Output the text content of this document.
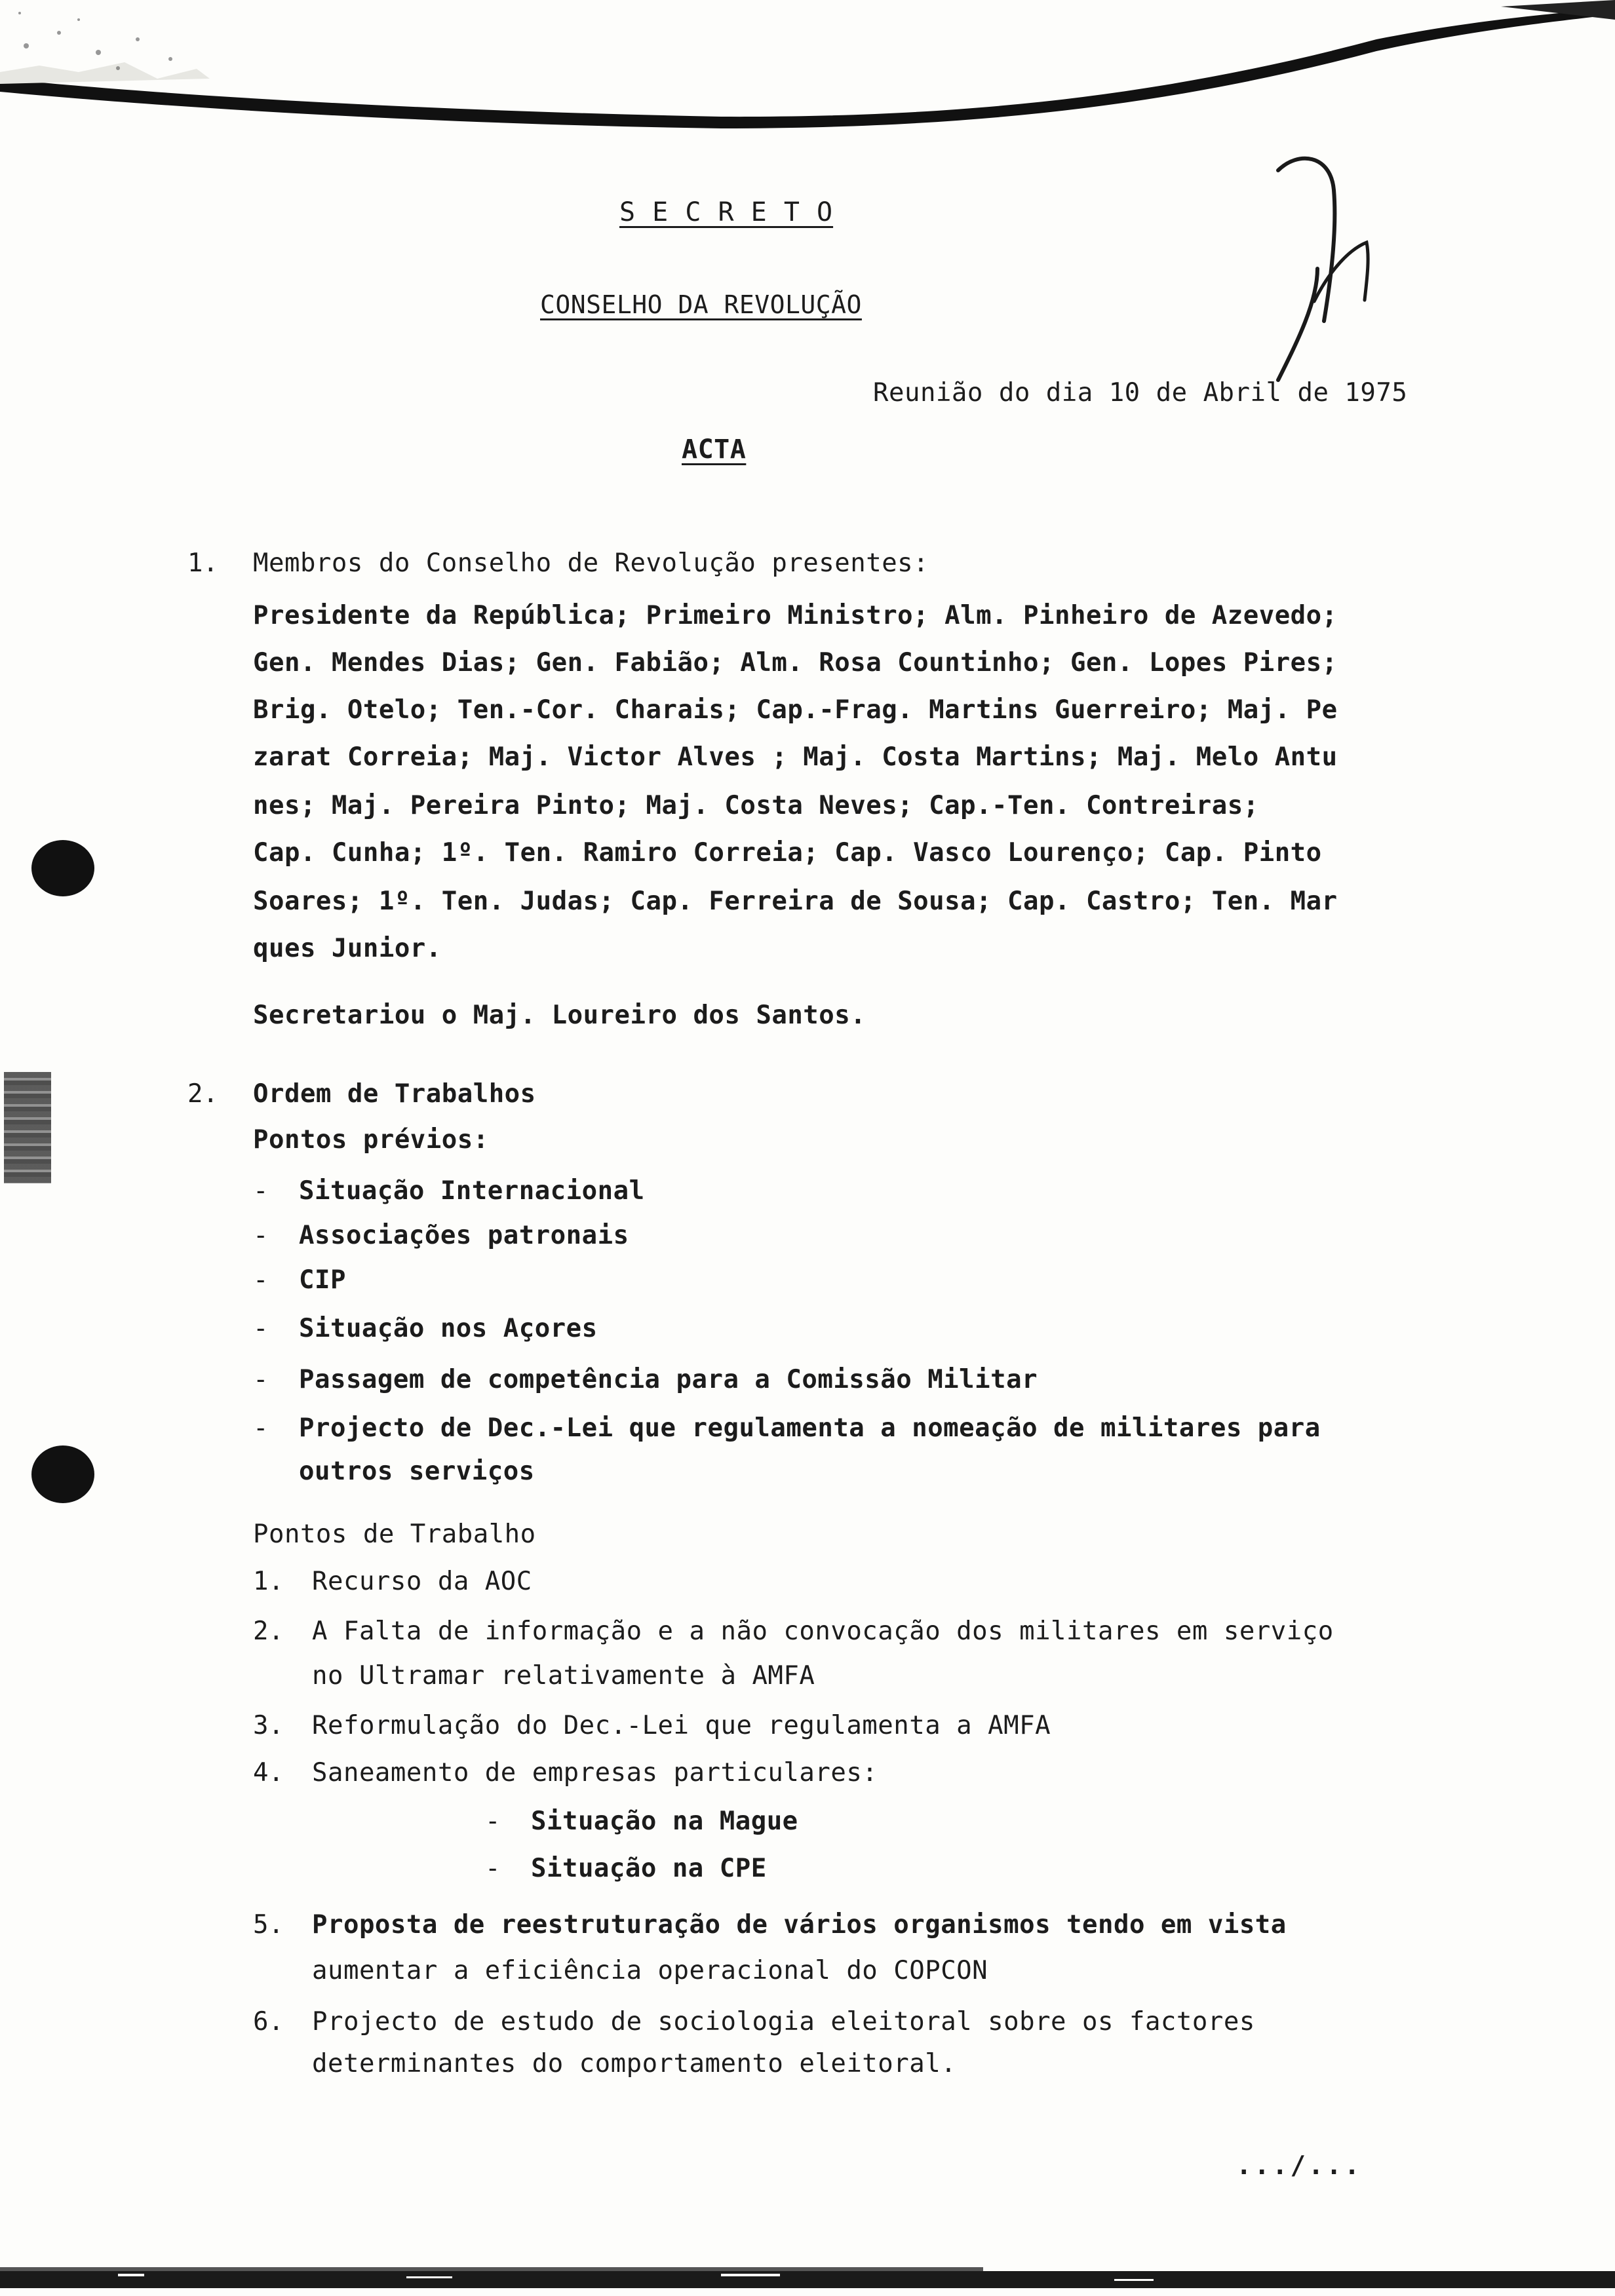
S E C R E T O
CONSELHO DA REVOLUÇÃO
Reunião do dia 10 de Abril de 1975
ACTA
1. Membros do Conselho de Revolução presentes:
Presidente da República; Primeiro Ministro; Alm. Pinheiro de Azevedo;
Gen. Mendes Dias; Gen. Fabião; Alm. Rosa Countinho; Gen. Lopes Pires;
Brig. Otelo; Ten.-Cor. Charais; Cap.-Frag. Martins Guerreiro; Maj. Pe
zarat Correia; Maj. Victor Alves ; Maj. Costa Martins; Maj. Melo Antu
nes; Maj. Pereira Pinto; Maj. Costa Neves; Cap.-Ten. Contreiras;
Cap. Cunha; 1º. Ten. Ramiro Correia; Cap. Vasco Lourenço; Cap. Pinto
Soares; 1º. Ten. Judas; Cap. Ferreira de Sousa; Cap. Castro; Ten. Mar
ques Junior.
Secretariou o Maj. Loureiro dos Santos.
2. Ordem de Trabalhos
Pontos prévios:
- Situação Internacional
- Associações patronais
- CIP
- Situação nos Açores
- Passagem de competência para a Comissão Militar
- Projecto de Dec.-Lei que regulamenta a nomeação de militares para
outros serviços
Pontos de Trabalho
1. Recurso da AOC
2. A Falta de informação e a não convocação dos militares em serviço
no Ultramar relativamente à AMFA
3. Reformulação do Dec.-Lei que regulamenta a AMFA
4. Saneamento de empresas particulares:
- Situação na Mague
- Situação na CPE
5. Proposta de reestruturação de vários organismos tendo em vista
aumentar a eficiência operacional do COPCON
6. Projecto de estudo de sociologia eleitoral sobre os factores
determinantes do comportamento eleitoral.
.../...
